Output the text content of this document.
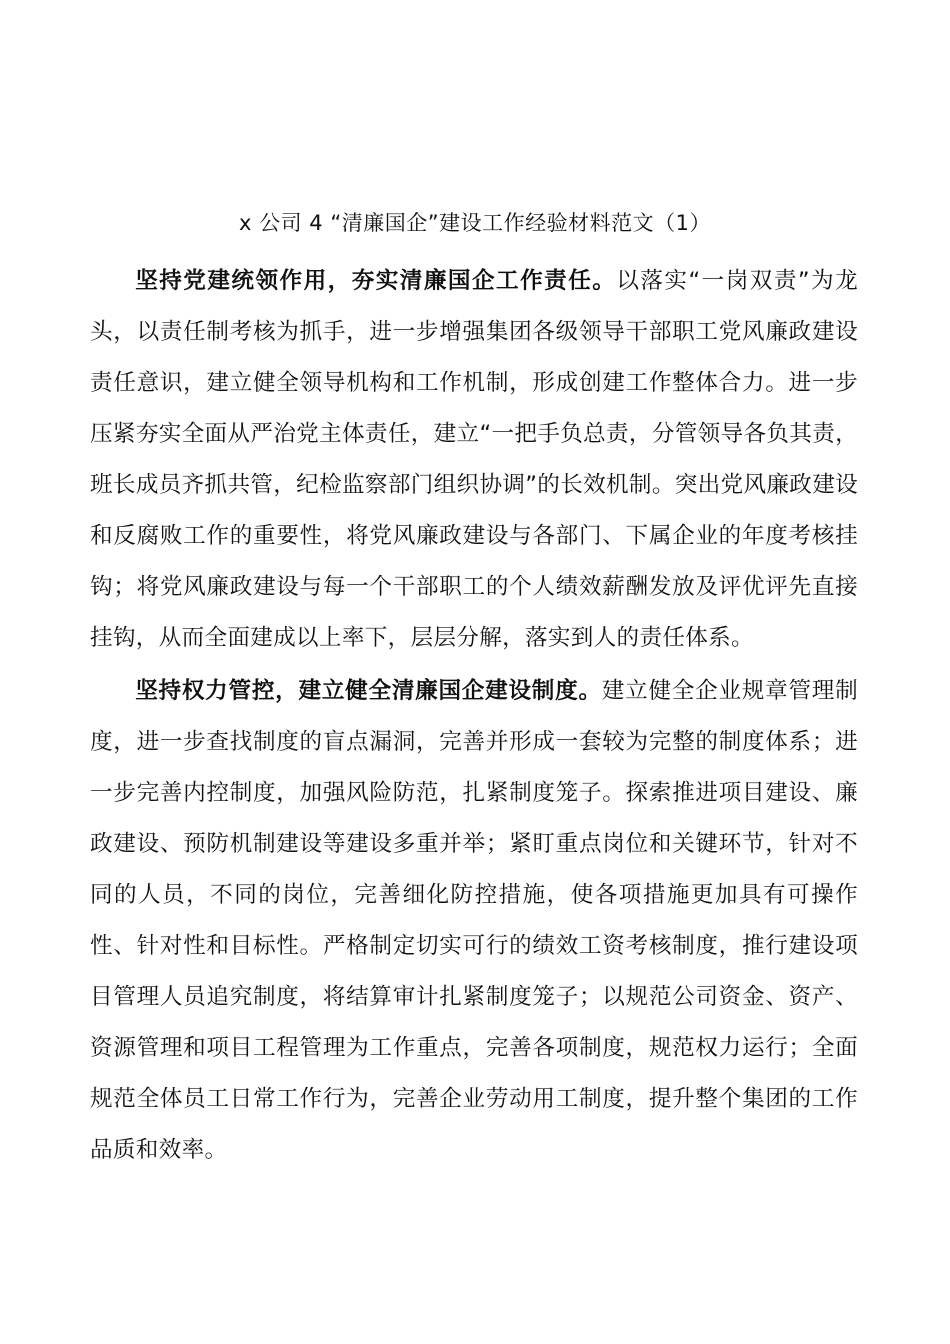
x 公司 4 “清廉国企”建设工作经验材料范文（1）

坚持党建统领作用，夯实清廉国企工作责任。以落实“一岗双责”为龙头，以责任制考核为抓手，进一步增强集团各级领导干部职工党风廉政建设责任意识，建立健全领导机构和工作机制，形成创建工作整体合力。进一步压紧夯实全面从严治党主体责任，建立“一把手负总责，分管领导各负其责，班长成员齐抓共管，纪检监察部门组织协调”的长效机制。突出党风廉政建设和反腐败工作的重要性，将党风廉政建设与各部门、下属企业的年度考核挂钩；将党风廉政建设与每一个干部职工的个人绩效薪酬发放及评优评先直接挂钩，从而全面建成以上率下，层层分解，落实到人的责任体系。

坚持权力管控，建立健全清廉国企建设制度。建立健全企业规章管理制度，进一步查找制度的盲点漏洞，完善并形成一套较为完整的制度体系；进一步完善内控制度，加强风险防范，扎紧制度笼子。探索推进项目建设、廉政建设、预防机制建设等建设多重并举；紧盯重点岗位和关键环节，针对不同的人员，不同的岗位，完善细化防控措施，使各项措施更加具有可操作性、针对性和目标性。严格制定切实可行的绩效工资考核制度，推行建设项目管理人员追究制度，将结算审计扎紧制度笼子；以规范公司资金、资产、资源管理和项目工程管理为工作重点，完善各项制度，规范权力运行；全面规范全体员工日常工作行为，完善企业劳动用工制度，提升整个集团的工作品质和效率。
